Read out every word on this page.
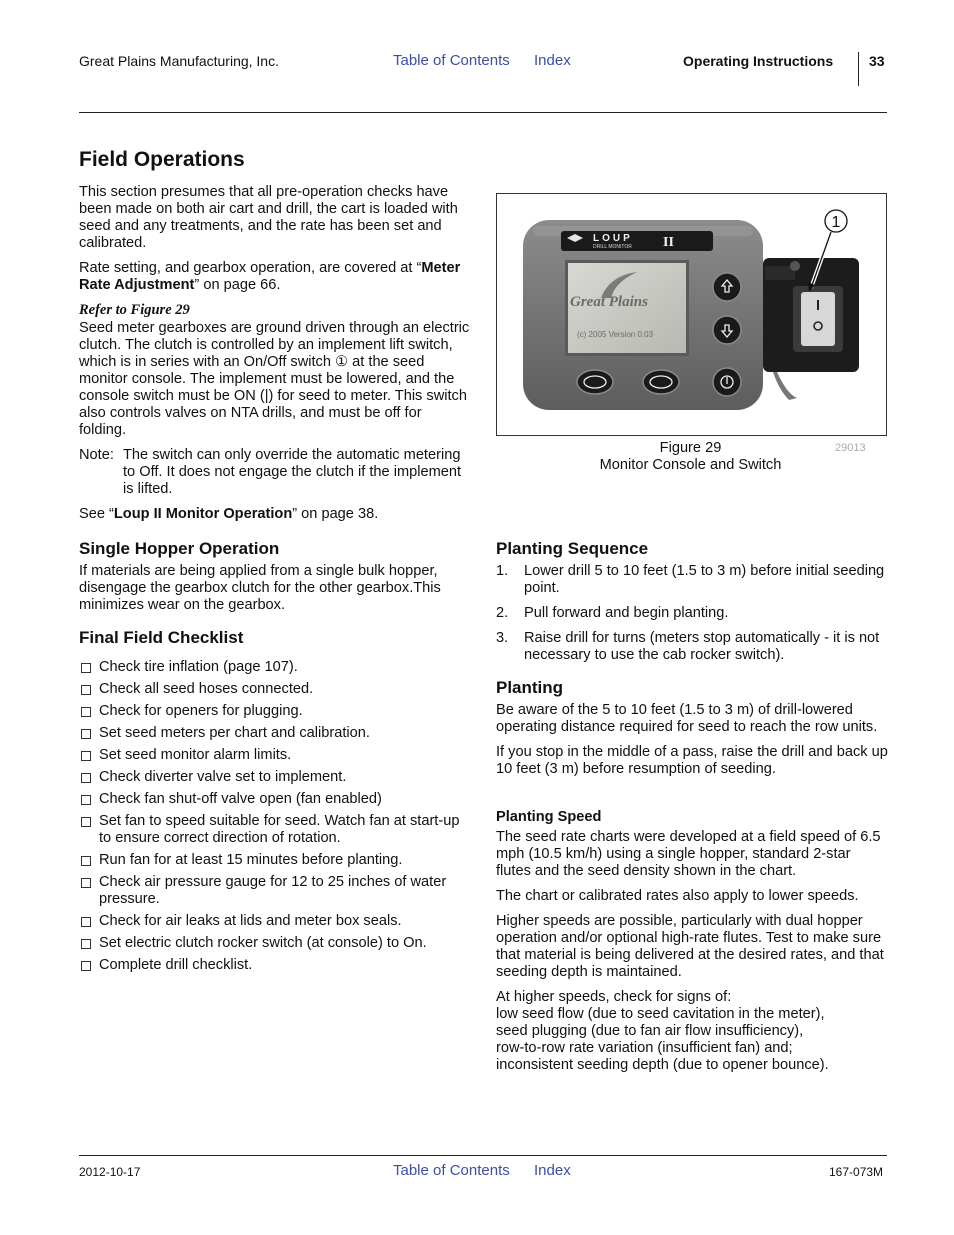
Great Plains Manufacturing, Inc.	Table of Contents Index	Operating Instructions	33
Field Operations

This section presumes that all pre-operation checks have been made on both air cart and drill, the cart is loaded with seed and any treatments, and the rate has been set and calibrated.

Rate setting, and gearbox operation, are covered at “Meter Rate Adjustment” on page 66.

Refer to Figure 29

Seed meter gearboxes are ground driven through an electric clutch. The clutch is controlled by an implement lift switch, which is in series with an On/Off switch ① at the seed monitor console. The implement must be lowered, and the console switch must be ON (|) for seed to meter. This switch also controls valves on NTA drills, and must be off for folding.

Note: The switch can only override the automatic metering to Off. It does not engage the clutch if the implement is lifted.

See “Loup II Monitor Operation” on page 38.

Single Hopper Operation

If materials are being applied from a single bulk hopper, disengage the gearbox clutch for the other gearbox.This minimizes wear on the gearbox.

Final Field Checklist
Check tire inflation (page 107).
Check all seed hoses connected.
Check for openers for plugging.
Set seed meters per chart and calibration.
Set seed monitor alarm limits.
Check diverter valve set to implement.
Check fan shut-off valve open (fan enabled)
Set fan to speed suitable for seed. Watch fan at start-up to ensure correct direction of rotation.
Run fan for at least 15 minutes before planting.
Check air pressure gauge for 12 to 25 inches of water pressure.
Check for air leaks at lids and meter box seals.
Set electric clutch rocker switch (at console) to On.
Complete drill checklist.
LOUP
DRILL MONITOR II
Great Plains
(c) 2005 Version 0.03
1
29013
Figure 29
Monitor Console and Switch
Planting Sequence
1. Lower drill 5 to 10 feet (1.5 to 3 m) before initial seeding point.
2. Pull forward and begin planting.
3. Raise drill for turns (meters stop automatically - it is not necessary to use the cab rocker switch).
Planting

Be aware of the 5 to 10 feet (1.5 to 3 m) of drill-lowered operating distance required for seed to reach the row units.

If you stop in the middle of a pass, raise the drill and back up 10 feet (3 m) before resumption of seeding.

Planting Speed

The seed rate charts were developed at a field speed of 6.5 mph (10.5 km/h) using a single hopper, standard 2-star flutes and the seed density shown in the chart.

The chart or calibrated rates also apply to lower speeds.

Higher speeds are possible, particularly with dual hopper operation and/or optional high-rate flutes. Test to make sure that material is being delivered at the desired rates, and that seeding depth is maintained.

At higher speeds, check for signs of:
low seed flow (due to seed cavitation in the meter),
seed plugging (due to fan air flow insufficiency),
row-to-row rate variation (insufficient fan) and;
inconsistent seeding depth (due to opener bounce).
2012-10-17	Table of Contents Index	167-073M
